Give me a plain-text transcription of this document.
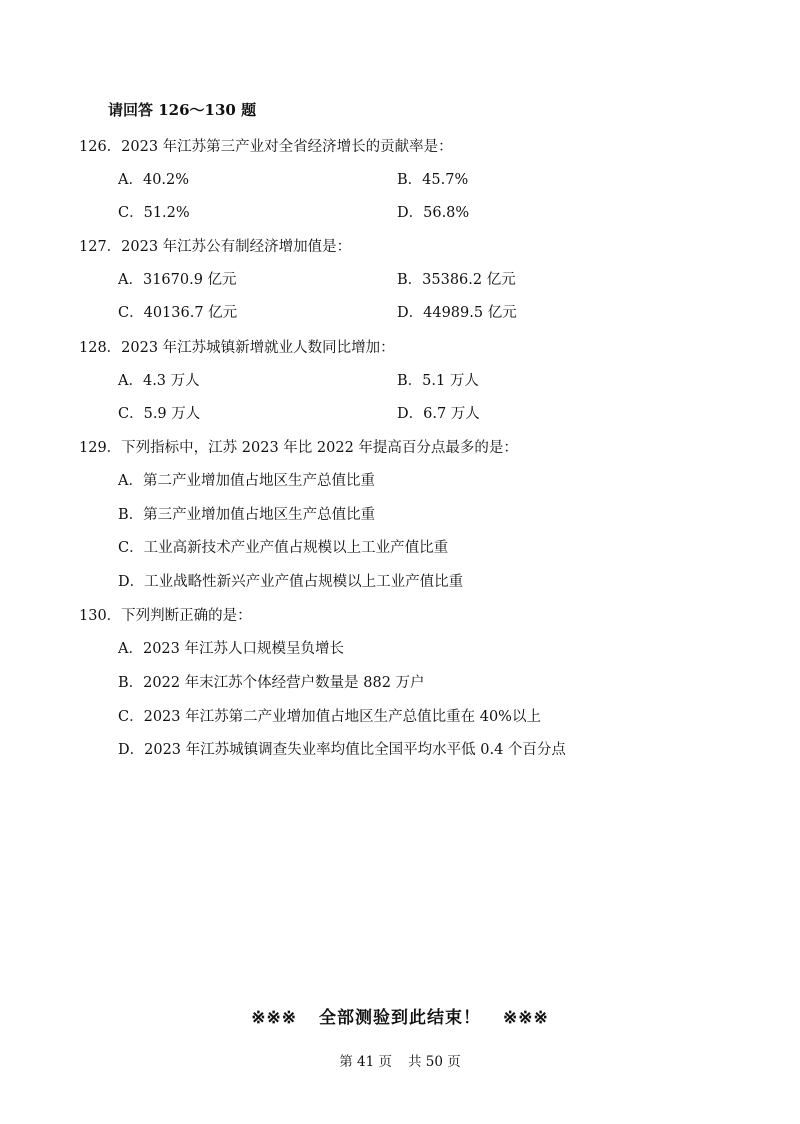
请回答 126～130 题
126．2023 年江苏第三产业对全省经济增长的贡献率是：
A．40.2%	B．45.7%
C．51.2%	D．56.8%
127．2023 年江苏公有制经济增加值是：
A．31670.9 亿元	B．35386.2 亿元
C．40136.7 亿元	D．44989.5 亿元
128．2023 年江苏城镇新增就业人数同比增加：
A．4.3 万人	B．5.1 万人
C．5.9 万人	D．6.7 万人
129．下列指标中，江苏 2023 年比 2022 年提高百分点最多的是：
A．第二产业增加值占地区生产总值比重
B．第三产业增加值占地区生产总值比重
C．工业高新技术产业产值占规模以上工业产值比重
D．工业战略性新兴产业产值占规模以上工业产值比重
130．下列判断正确的是：
A．2023 年江苏人口规模呈负增长
B．2022 年末江苏个体经营户数量是 882 万户
C．2023 年江苏第二产业增加值占地区生产总值比重在 40%以上
D．2023 年江苏城镇调查失业率均值比全国平均水平低 0.4 个百分点
※※※ 全部测验到此结束！ ※※※
第 41 页 共 50 页
